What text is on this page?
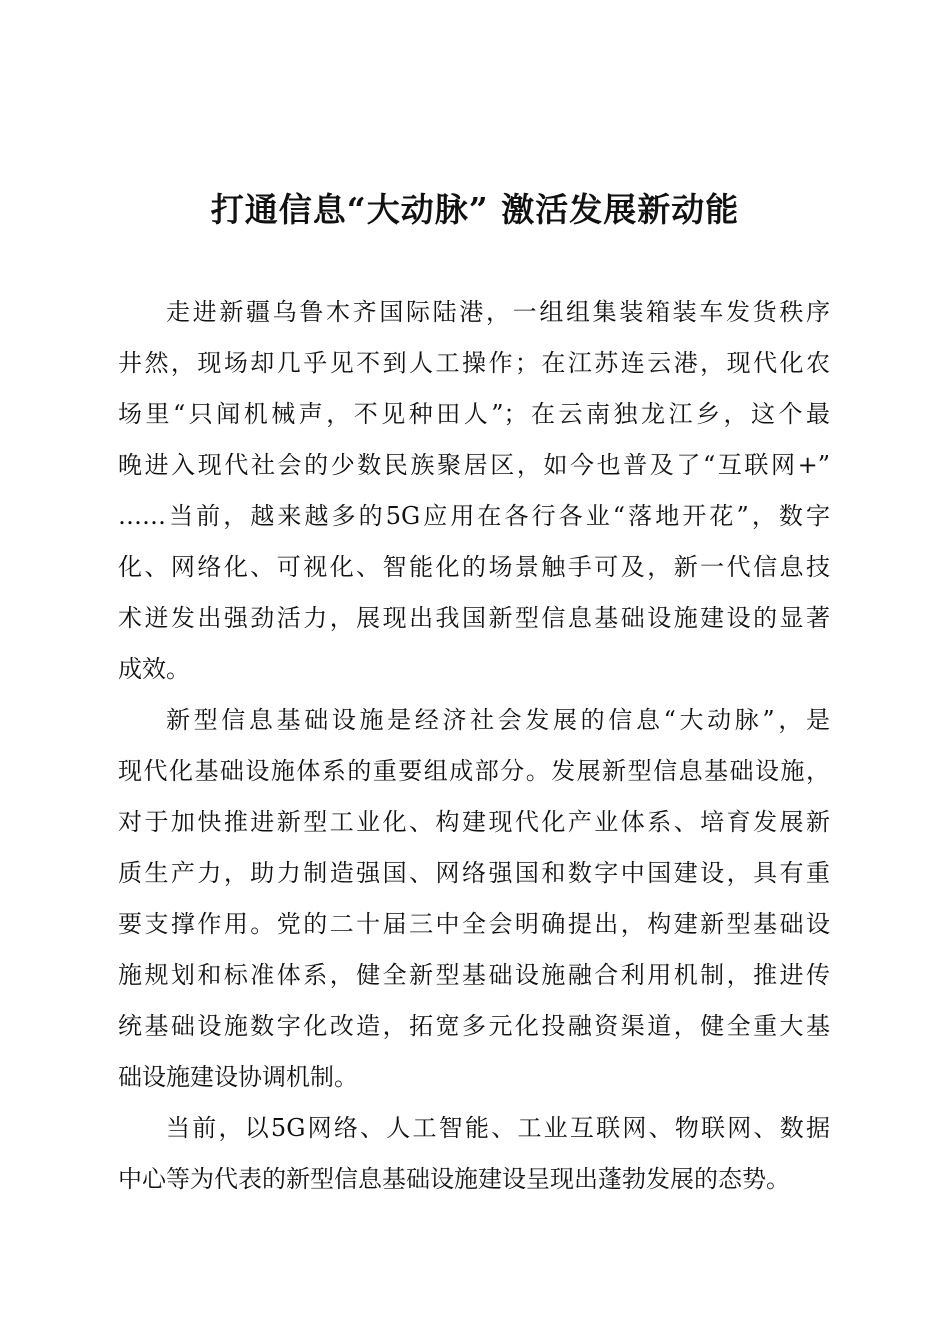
打通信息“大动脉” 激活发展新动能
走进新疆乌鲁木齐国际陆港，一组组集装箱装车发货秩序
井然，现场却几乎见不到人工操作；在江苏连云港，现代化农
场里“只闻机械声，不见种田人”；在云南独龙江乡，这个最
晚进入现代社会的少数民族聚居区，如今也普及了“互联网+”
……当前，越来越多的5G应用在各行各业“落地开花”，数字
化、网络化、可视化、智能化的场景触手可及，新一代信息技
术迸发出强劲活力，展现出我国新型信息基础设施建设的显著
成效。
新型信息基础设施是经济社会发展的信息“大动脉”，是
现代化基础设施体系的重要组成部分。发展新型信息基础设施，
对于加快推进新型工业化、构建现代化产业体系、培育发展新
质生产力，助力制造强国、网络强国和数字中国建设，具有重
要支撑作用。党的二十届三中全会明确提出，构建新型基础设
施规划和标准体系，健全新型基础设施融合利用机制，推进传
统基础设施数字化改造，拓宽多元化投融资渠道，健全重大基
础设施建设协调机制。
当前，以5G网络、人工智能、工业互联网、物联网、数据
中心等为代表的新型信息基础设施建设呈现出蓬勃发展的态势。
